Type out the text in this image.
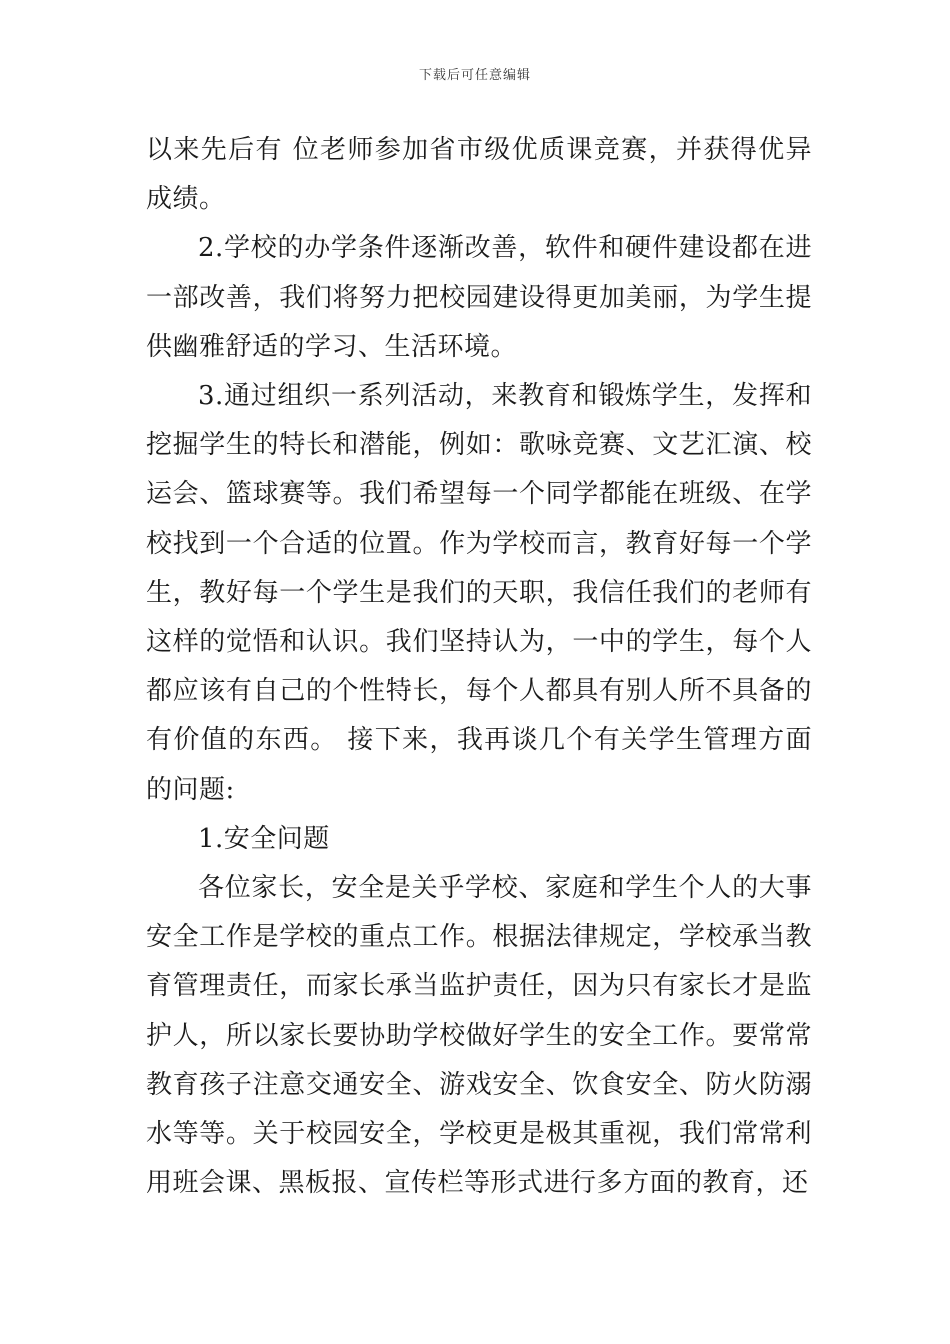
下载后可任意编辑

以来先后有 位老师参加省市级优质课竞赛，并获得优异成绩。

2.学校的办学条件逐渐改善，软件和硬件建设都在进一部改善，我们将努力把校园建设得更加美丽，为学生提供幽雅舒适的学习、生活环境。

3.通过组织一系列活动，来教育和锻炼学生，发挥和挖掘学生的特长和潜能，例如：歌咏竞赛、文艺汇演、校运会、篮球赛等。我们希望每一个同学都能在班级、在学校找到一个合适的位置。作为学校而言，教育好每一个学生，教好每一个学生是我们的天职，我信任我们的老师有这样的觉悟和认识。我们坚持认为，一中的学生，每个人都应该有自己的个性特长，每个人都具有别人所不具备的有价值的东西。 接下来，我再谈几个有关学生管理方面的问题:

1.安全问题

各位家长，安全是关乎学校、家庭和学生个人的大事安全工作是学校的重点工作。根据法律规定，学校承当教育管理责任，而家长承当监护责任，因为只有家长才是监护人，所以家长要协助学校做好学生的安全工作。要常常教育孩子注意交通安全、游戏安全、饮食安全、防火防溺水等等。关于校园安全，学校更是极其重视，我们常常利用班会课、黑板报、宣传栏等形式进行多方面的教育，还
